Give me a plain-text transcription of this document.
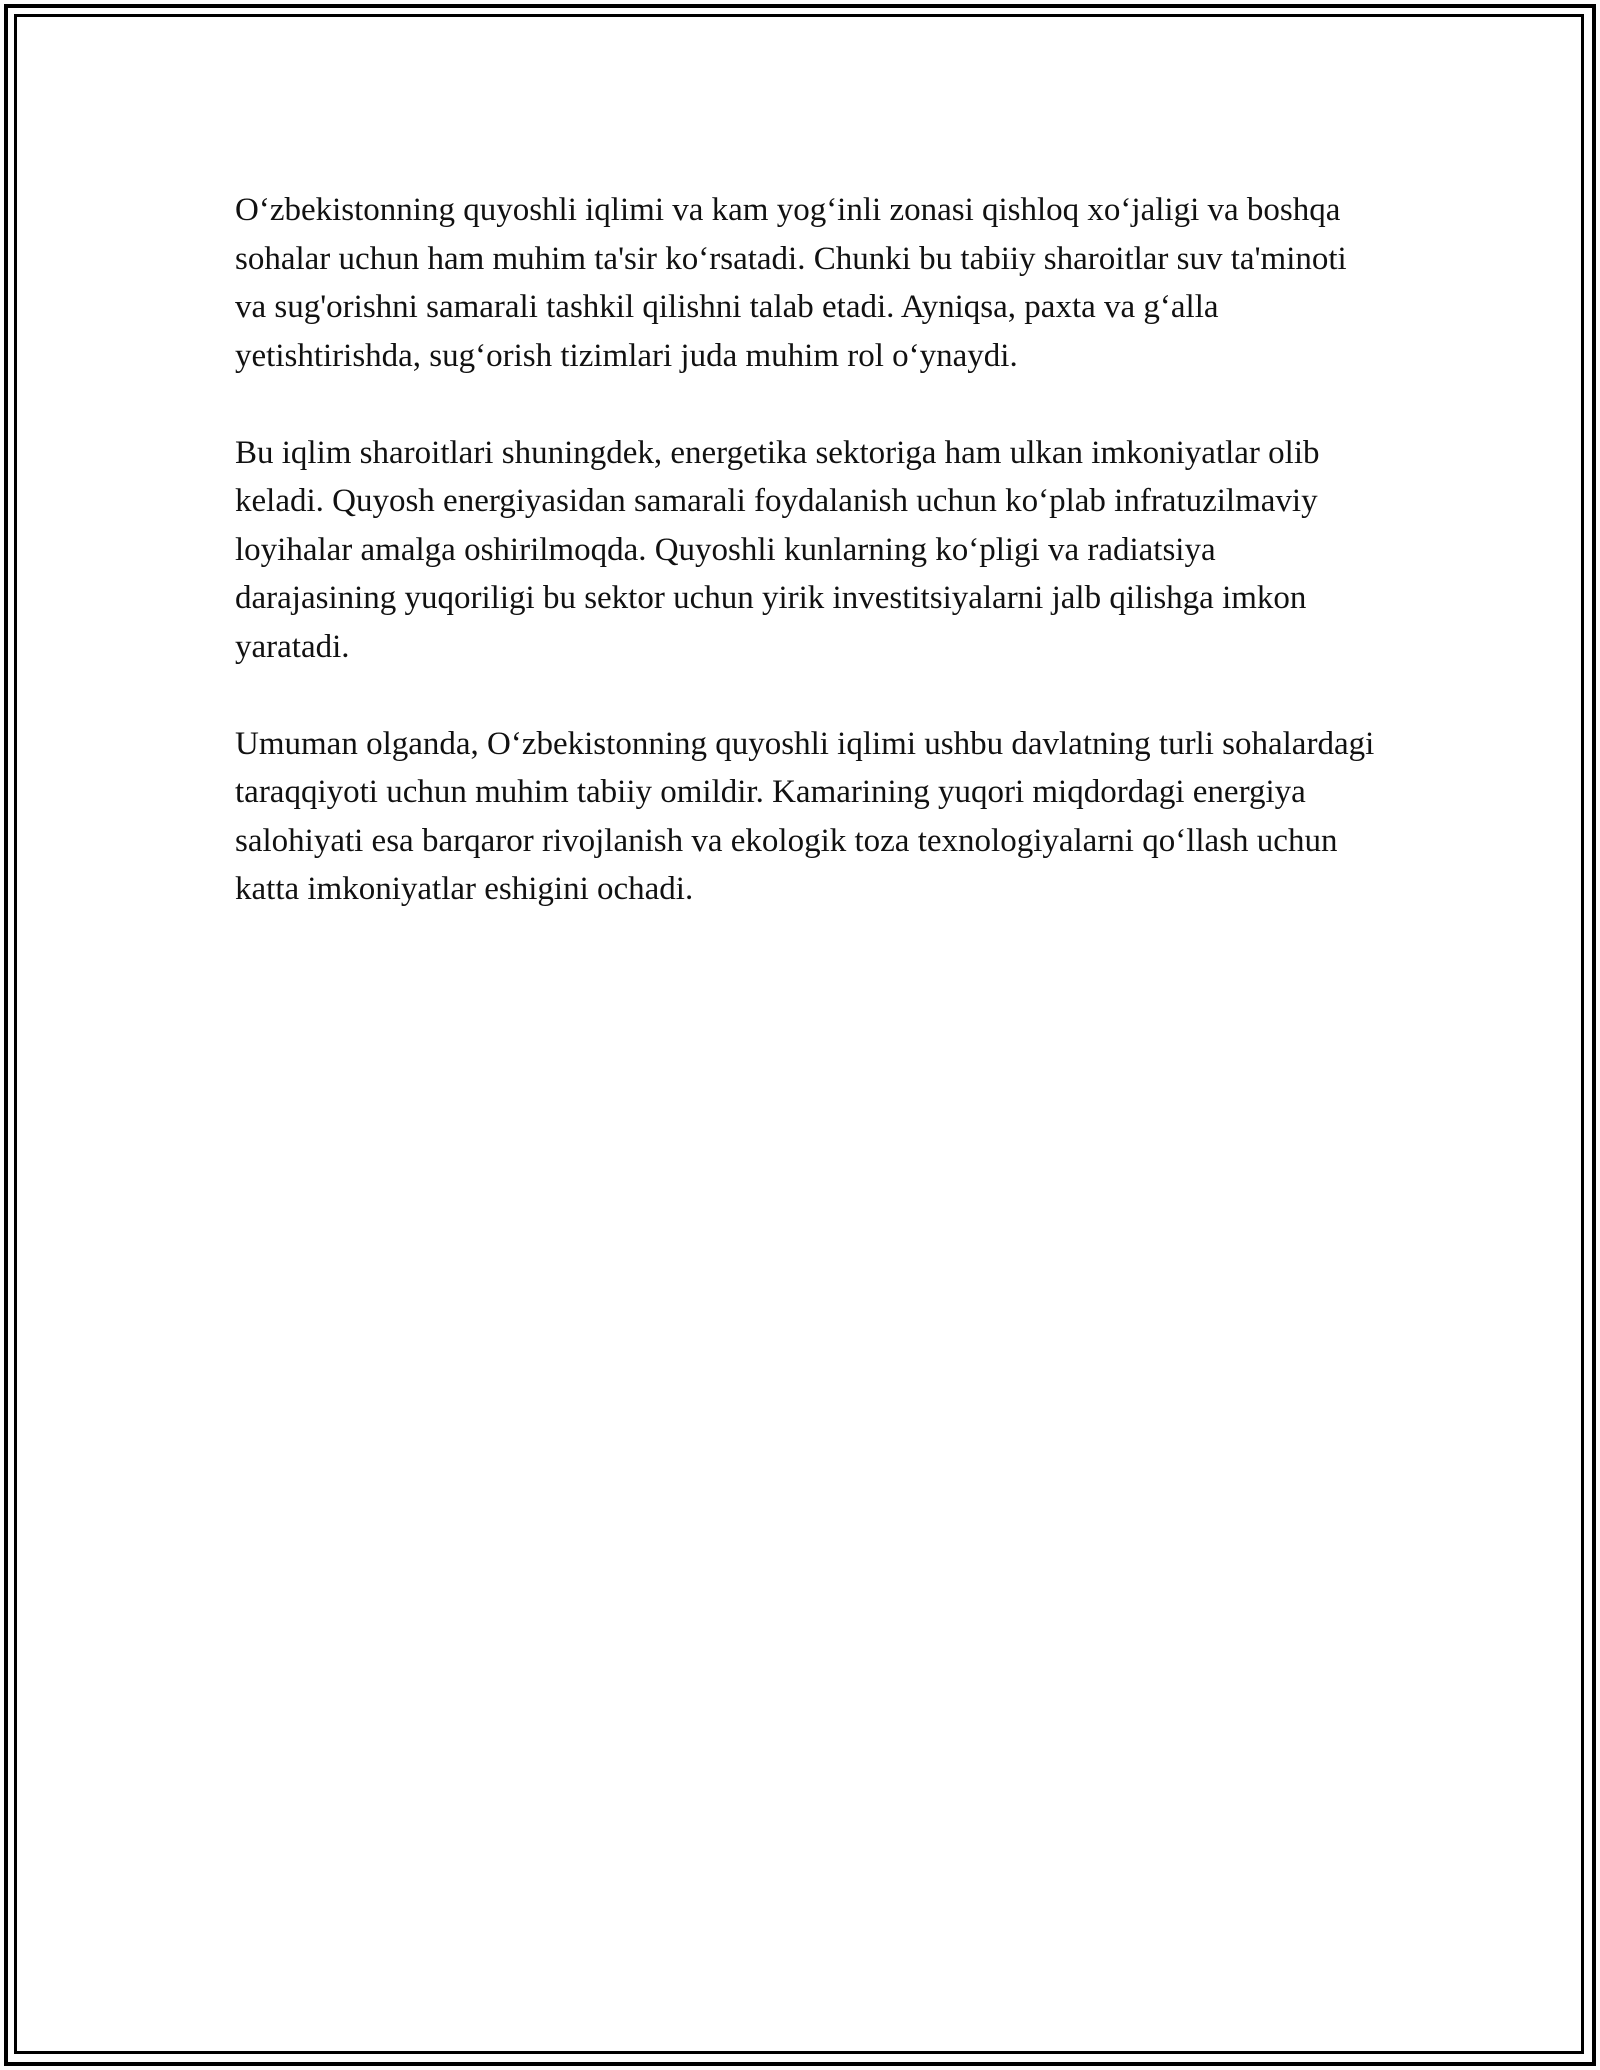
O‘zbekistonning quyoshli iqlimi va kam yog‘inli zonasi qishloq xo‘jaligi va boshqa sohalar uchun ham muhim ta'sir ko‘rsatadi. Chunki bu tabiiy sharoitlar suv ta'minoti va sug'orishni samarali tashkil qilishni talab etadi. Ayniqsa, paxta va g‘alla yetishtirishda, sug‘orish tizimlari juda muhim rol o‘ynaydi.

Bu iqlim sharoitlari shuningdek, energetika sektoriga ham ulkan imkoniyatlar olib keladi. Quyosh energiyasidan samarali foydalanish uchun ko‘plab infratuzilmaviy loyihalar amalga oshirilmoqda. Quyoshli kunlarning ko‘pligi va radiatsiya darajasining yuqoriligi bu sektor uchun yirik investitsiyalarni jalb qilishga imkon yaratadi.

Umuman olganda, O‘zbekistonning quyoshli iqlimi ushbu davlatning turli sohalardagi taraqqiyoti uchun muhim tabiiy omildir. Kamarining yuqori miqdordagi energiya salohiyati esa barqaror rivojlanish va ekologik toza texnologiyalarni qo‘llash uchun katta imkoniyatlar eshigini ochadi.
